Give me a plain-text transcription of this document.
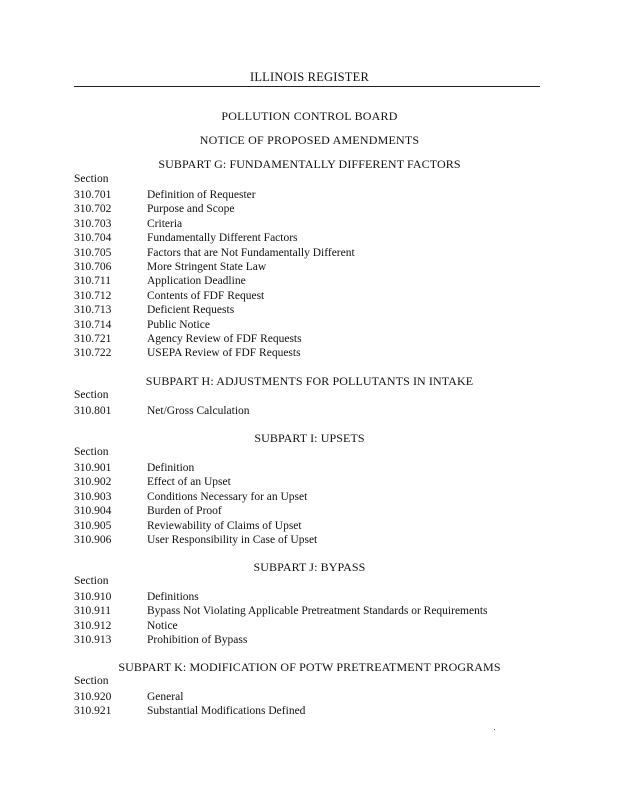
ILLINOIS REGISTER
POLLUTION CONTROL BOARD
NOTICE OF PROPOSED AMENDMENTS
SUBPART G: FUNDAMENTALLY DIFFERENT FACTORS
Section
310.701	Definition of Requester
310.702	Purpose and Scope
310.703	Criteria
310.704	Fundamentally Different Factors
310.705	Factors that are Not Fundamentally Different
310.706	More Stringent State Law
310.711	Application Deadline
310.712	Contents of FDF Request
310.713	Deficient Requests
310.714	Public Notice
310.721	Agency Review of FDF Requests
310.722	USEPA Review of FDF Requests
SUBPART H: ADJUSTMENTS FOR POLLUTANTS IN INTAKE
Section
310.801	Net/Gross Calculation
SUBPART I: UPSETS
Section
310.901	Definition
310.902	Effect of an Upset
310.903	Conditions Necessary for an Upset
310.904	Burden of Proof
310.905	Reviewability of Claims of Upset
310.906	User Responsibility in Case of Upset
SUBPART J: BYPASS
Section
310.910	Definitions
310.911	Bypass Not Violating Applicable Pretreatment Standards or Requirements
310.912	Notice
310.913	Prohibition of Bypass
SUBPART K: MODIFICATION OF POTW PRETREATMENT PROGRAMS
Section
310.920	General
310.921	Substantial Modifications Defined
